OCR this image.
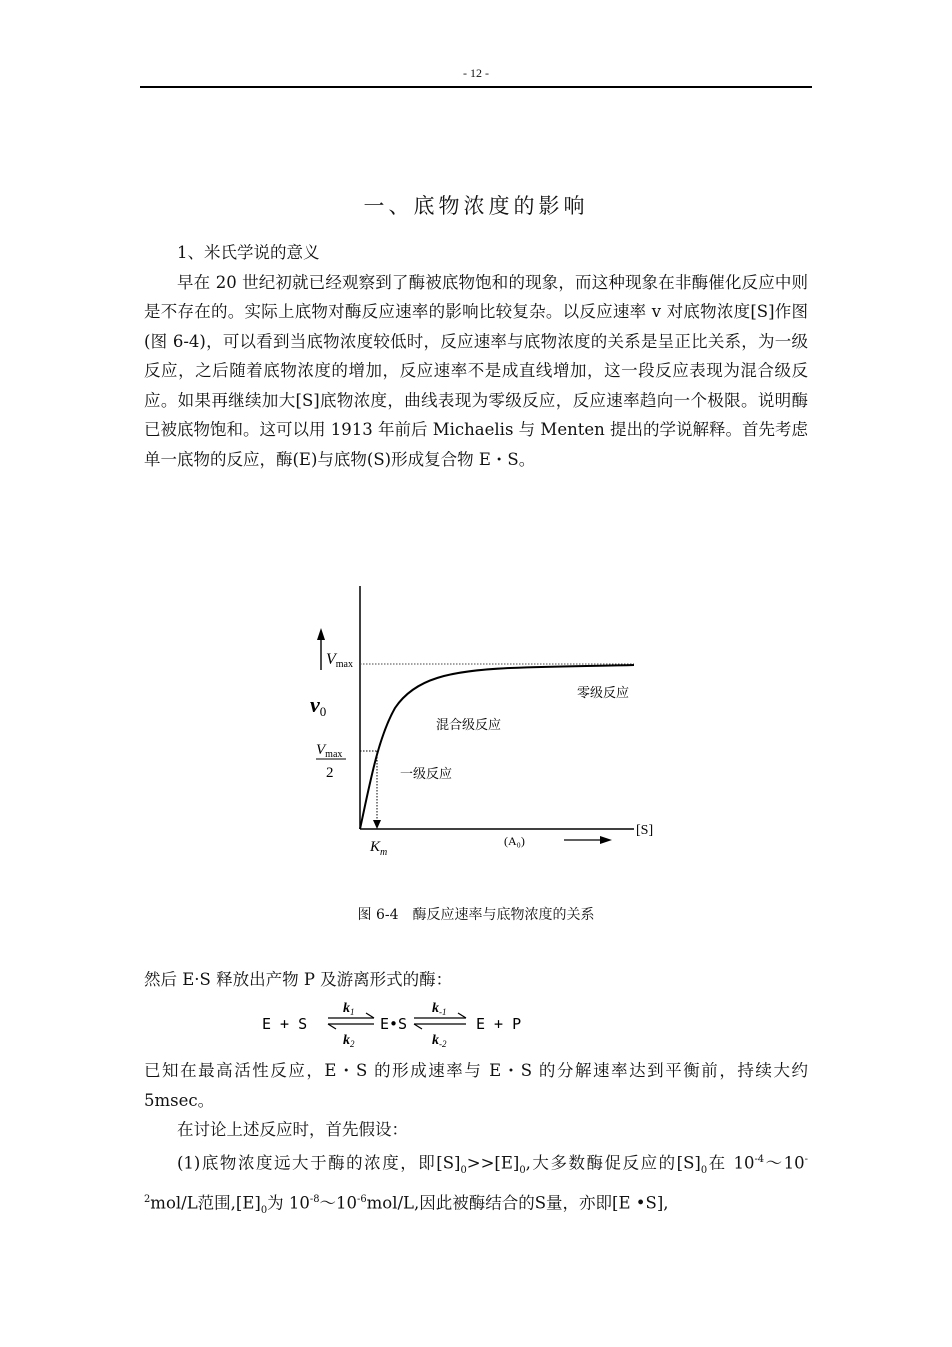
- 12 -
一、底物浓度的影响

1、米氏学说的意义

早在 20 世纪初就已经观察到了酶被底物饱和的现象，而这种现象在非酶催化反应中则是不存在的。实际上底物对酶反应速率的影响比较复杂。以反应速率 v 对底物浓度[S]作图(图 6-4)，可以看到当底物浓度较低时，反应速率与底物浓度的关系是呈正比关系，为一级反应，之后随着底物浓度的增加，反应速率不是成直线增加，这一段反应表现为混合级反应。如果再继续加大[S]底物浓度，曲线表现为零级反应，反应速率趋向一个极限。说明酶已被底物饱和。这可以用 1913 年前后 Michaelis 与 Menten 提出的学说解释。首先考虑单一底物的反应，酶(E)与底物(S)形成复合物 E・S。

Vmax
v0
$V_{max}$
2
零级反应
混合级反应
一级反应
[S]
$K_m$
(A₀)
图 6-4　酶反应速率与底物浓度的关系

然后 E·S 释放出产物 P 及游离形式的酶：

E + S
$k_1$
$k_2$
E•S
$k_{-1}$
$k_{-2}$
E + P

已知在最高活性反应，E・S 的形成速率与 E・S 的分解速率达到平衡前，持续大约 5msec。

在讨论上述反应时，首先假设：

(1)底物浓度远大于酶的浓度，即$[S]_0>>[E]_0$,大多数酶促反应的$[S]_0$在 $10^{-4}\sim 10^{-2}mol/L$范围$,[E]_0$为 $10^{-8}\sim 10^{-6}mol/L$,因此被酶结合的S量，亦即[E •S],
